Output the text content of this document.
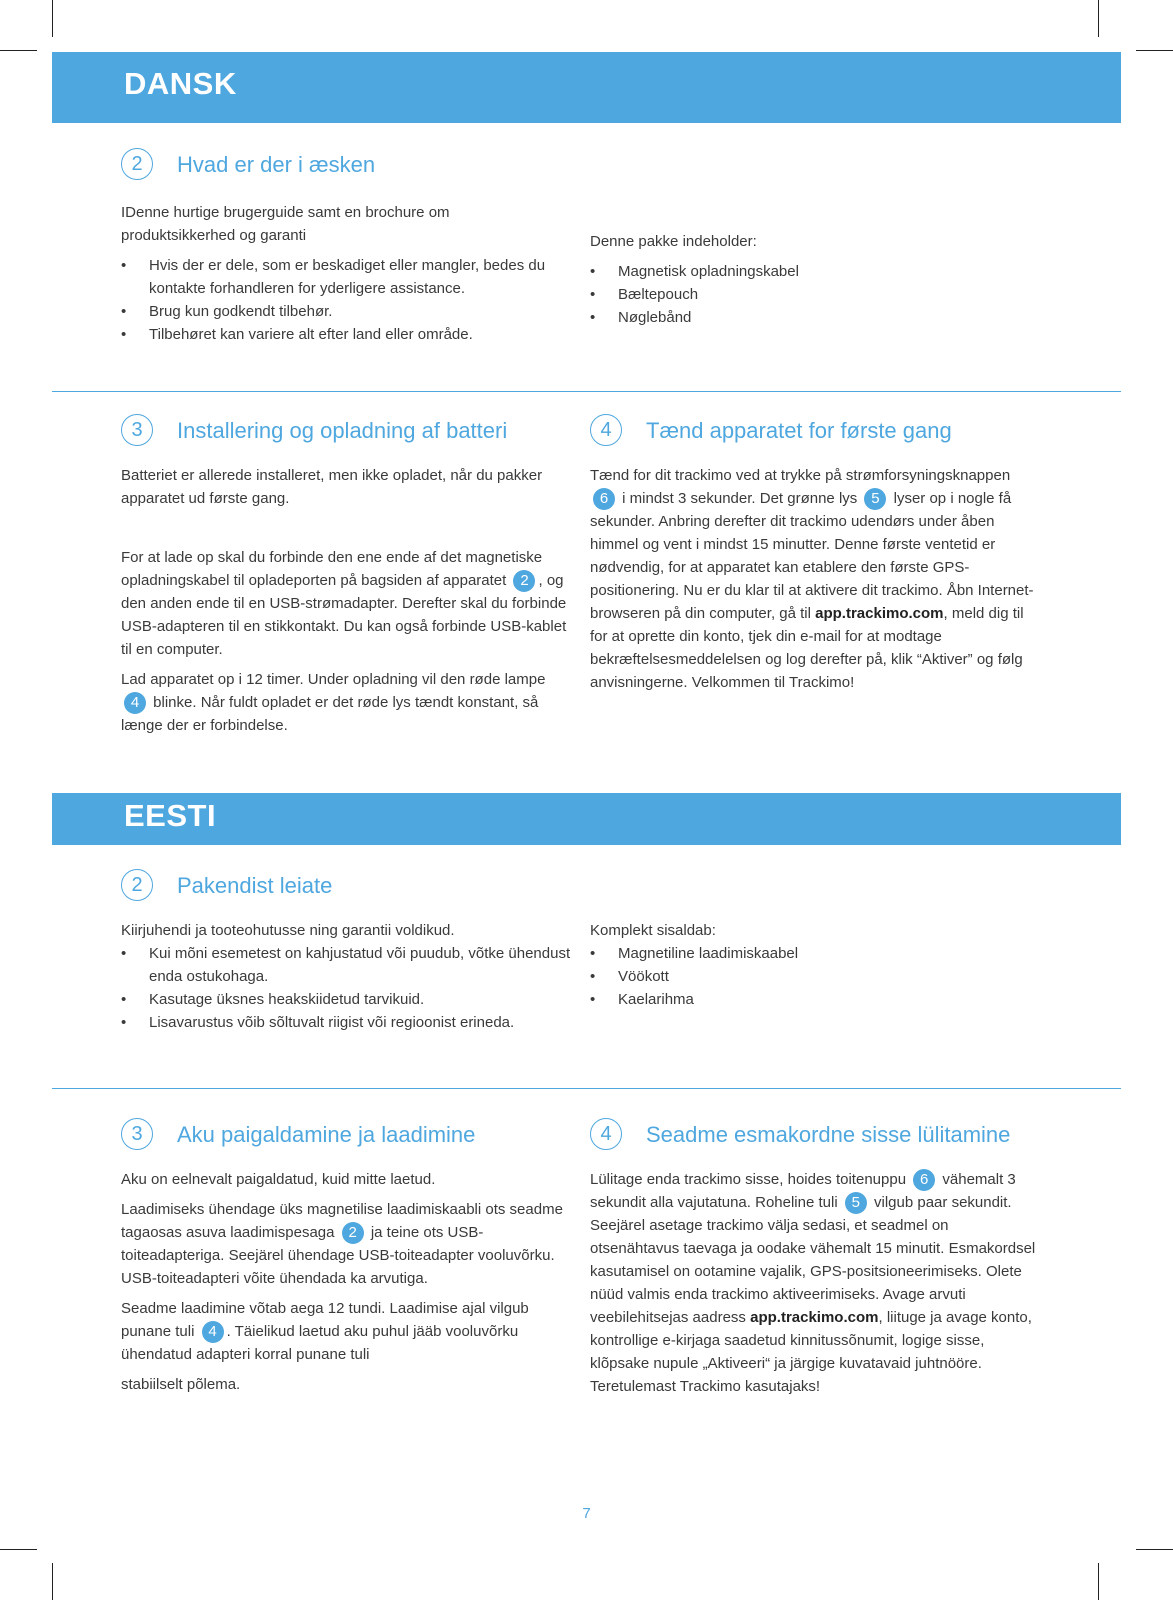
DANSK
2	Hvad er der i æsken

IDenne hurtige brugerguide samt en brochure om produktsikkerhed og garanti

• Hvis der er dele, som er beskadiget eller mangler, bedes du kontakte forhandleren for yderligere assistance.
• Brug kun godkendt tilbehør.
• Tilbehøret kan variere alt efter land eller område.

Denne pakke indeholder:

• Magnetisk opladningskabel
• Bæltepouch
• Nøglebånd
3	Installering og opladning af batteri

Batteriet er allerede installeret, men ikke opladet, når du pakker apparatet ud første gang.

For at lade op skal du forbinde den ene ende af det magnetiske opladningskabel til opladeporten på bagsiden af apparatet 2 , og den anden ende til en USB-strømadapter. Derefter skal du forbinde USB-adapteren til en stikkontakt. Du kan også forbinde USB-kablet til en computer.

Lad apparatet op i 12 timer. Under opladning vil den røde lampe 4 blinke. Når fuldt opladet er det røde lys tændt konstant, så længe der er forbindelse.

4	Tænd apparatet for første gang

Tænd for dit trackimo ved at trykke på strømforsyningsknappen 6 i mindst 3 sekunder. Det grønne lys 5 lyser op i nogle få sekunder. Anbring derefter dit trackimo udendørs under åben himmel og vent i mindst 15 minutter. Denne første ventetid er nødvendig, for at apparatet kan etablere den første GPS-positionering. Nu er du klar til at aktivere dit trackimo. Åbn Internet-browseren på din computer, gå til app.trackimo.com, meld dig til for at oprette din konto, tjek din e-mail for at modtage bekræftelsesmeddelelsen og log derefter på, klik “Aktiver” og følg anvisningerne. Velkommen til Trackimo!

EESTI
2	Pakendist leiate

Kiirjuhendi ja tooteohutusse ning garantii voldikud.

• Kui mõni esemetest on kahjustatud või puudub, võtke ühendust enda ostukohaga.
• Kasutage üksnes heakskiidetud tarvikuid.
• Lisavarustus võib sõltuvalt riigist või regioonist erineda.

Komplekt sisaldab:

• Magnetiline laadimiskaabel
• Vöökott
• Kaelarihma
3	Aku paigaldamine ja laadimine

Aku on eelnevalt paigaldatud, kuid mitte laetud.

Laadimiseks ühendage üks magnetilise laadimiskaabli ots seadme tagaosas asuva laadimispesaga 2 ja teine ots USB-toiteadapteriga. Seejärel ühendage USB-toiteadapter vooluvõrku. USB-toiteadapteri võite ühendada ka arvutiga.

Seadme laadimine võtab aega 12 tundi. Laadimise ajal vilgub punane tuli 4 . Täielikud laetud aku puhul jääb vooluvõrku ühendatud adapteri korral punane tuli

stabiilselt põlema.

4	Seadme esmakordne sisse lülitamine

Lülitage enda trackimo sisse, hoides toitenuppu 6 vähemalt 3 sekundit alla vajutatuna. Roheline tuli 5 vilgub paar sekundit. Seejärel asetage trackimo välja sedasi, et seadmel on otsenähtavus taevaga ja oodake vähemalt 15 minutit. Esmakordsel kasutamisel on ootamine vajalik, GPS-positsioneerimiseks. Olete nüüd valmis enda trackimo aktiveerimiseks. Avage arvuti veebilehitsejas aadress app.trackimo.com, liituge ja avage konto, kontrollige e-kirjaga saadetud kinnitussõnumit, logige sisse, klõpsake nupule „Aktiveeri“ ja järgige kuvatavaid juhtnööre. Teretulemast Trackimo kasutajaks!

7
